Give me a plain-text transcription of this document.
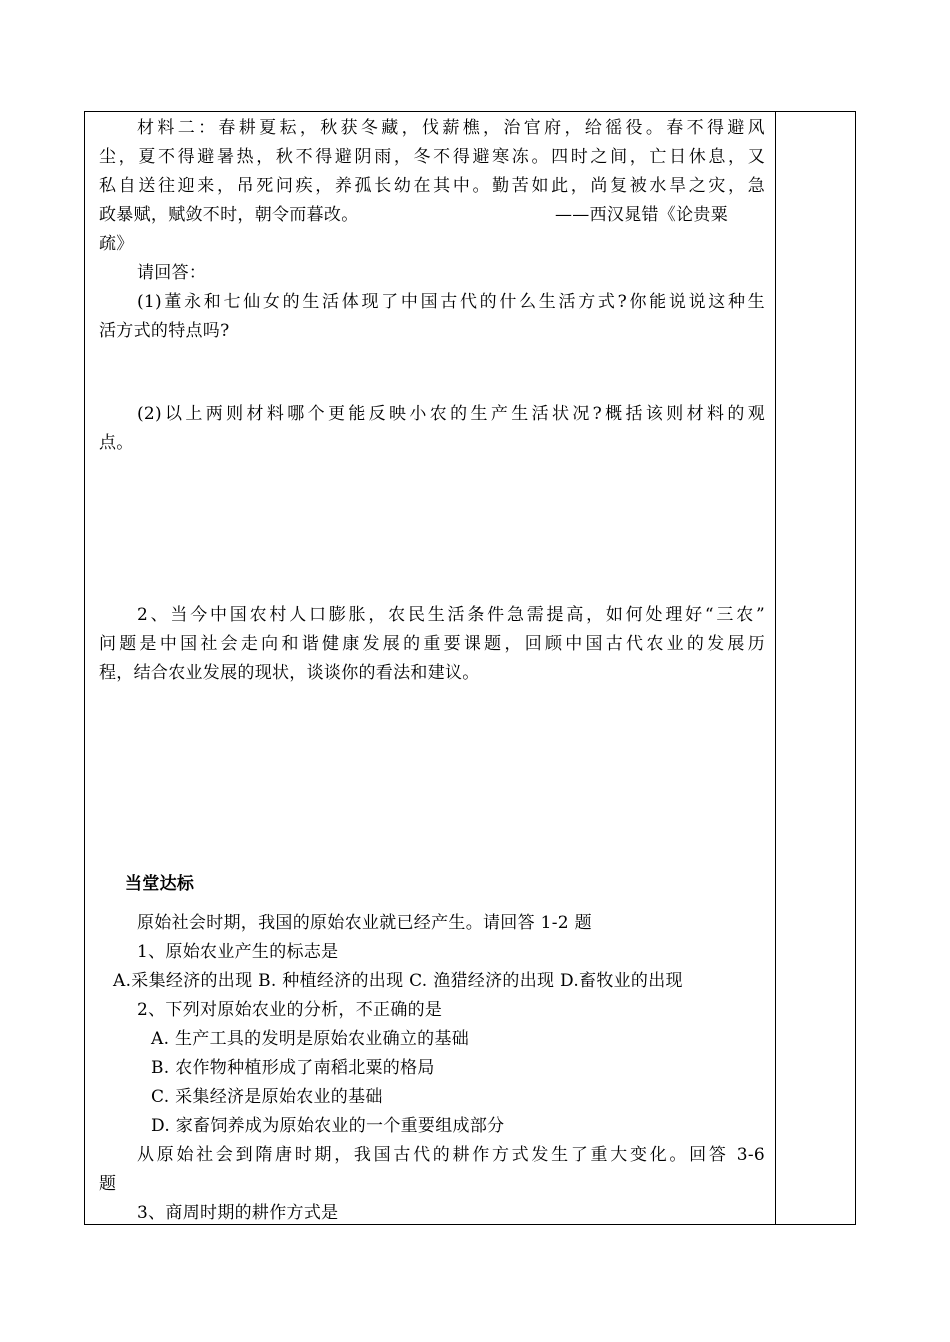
材料二：春耕夏耘，秋获冬藏，伐薪樵，治官府，给徭役。春不得避风
尘，夏不得避暑热，秋不得避阴雨，冬不得避寒冻。四时之间，亡日休息，又
私自送往迎来，吊死问疾，养孤长幼在其中。勤苦如此，尚复被水旱之灾，急
政暴赋，赋敛不时，朝令而暮改。	——西汉晁错《论贵粟
疏》
请回答：
(1)董永和七仙女的生活体现了中国古代的什么生活方式?你能说说这种生
活方式的特点吗?
(2)以上两则材料哪个更能反映小农的生产生活状况?概括该则材料的观
点。
2、当今中国农村人口膨胀，农民生活条件急需提高，如何处理好“三农”
问题是中国社会走向和谐健康发展的重要课题，回顾中国古代农业的发展历
程，结合农业发展的现状，谈谈你的看法和建议。
当堂达标
原始社会时期，我国的原始农业就已经产生。请回答 1-2 题
1、原始农业产生的标志是
A.采集经济的出现 B. 种植经济的出现 C. 渔猎经济的出现 D.畜牧业的出现
2、下列对原始农业的分析，不正确的是
A. 生产工具的发明是原始农业确立的基础
B. 农作物种植形成了南稻北粟的格局
C. 采集经济是原始农业的基础
D. 家畜饲养成为原始农业的一个重要组成部分
从原始社会到隋唐时期，我国古代的耕作方式发生了重大变化。回答 3-6
题
3、商周时期的耕作方式是
